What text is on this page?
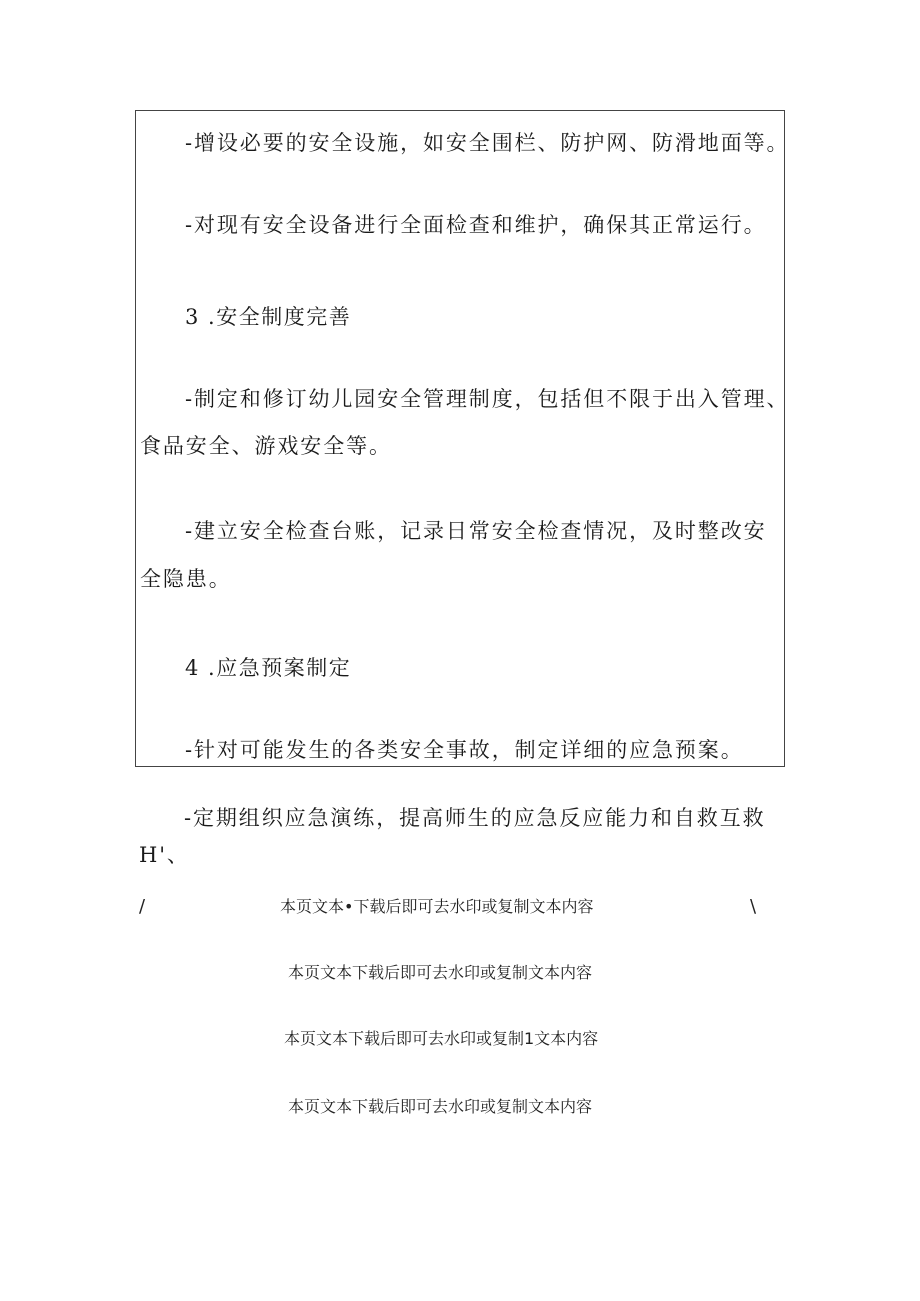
-增设必要的安全设施，如安全围栏、防护网、防滑地面等。
-对现有安全设备进行全面检查和维护，确保其正常运行。
3 .安全制度完善
-制定和修订幼儿园安全管理制度，包括但不限于出入管理、
食品安全、游戏安全等。
-建立安全检查台账，记录日常安全检查情况，及时整改安
全隐患。
4 .应急预案制定
-针对可能发生的各类安全事故，制定详细的应急预案。
-定期组织应急演练，提高师生的应急反应能力和自救互救
H'、
/	\
本页文本•下载后即可去水印或复制文本内容
本页文本下载后即可去水印或复制文本内容
本页文本下载后即可去水印或复制1文本内容
本页文本下载后即可去水印或复制文本内容
